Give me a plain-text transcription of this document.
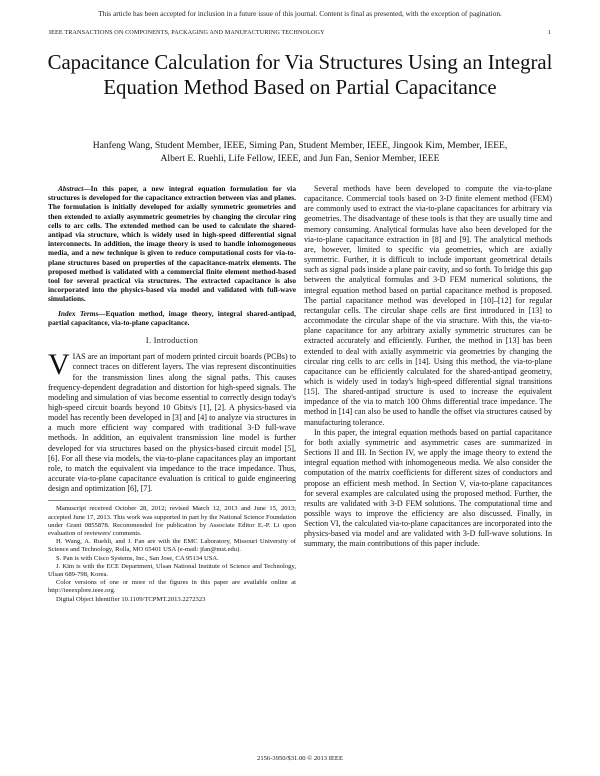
This article has been accepted for inclusion in a future issue of this journal. Content is final as presented, with the exception of pagination.
IEEE TRANSACTIONS ON COMPONENTS, PACKAGING AND MANUFACTURING TECHNOLOGY	1
Capacitance Calculation for Via Structures Using an Integral Equation Method Based on Partial Capacitance
Hanfeng Wang, Student Member, IEEE, Siming Pan, Student Member, IEEE, Jingook Kim, Member, IEEE,
Albert E. Ruehli, Life Fellow, IEEE, and Jun Fan, Senior Member, IEEE
Abstract—In this paper, a new integral equation formulation for via structures is developed for the capacitance extraction between vias and planes. The formulation is initially developed for axially symmetric geometries and then extended to axially asymmetric geometries by changing the circular ring cells to arc cells. The extended method can be used to calculate the shared-antipad via structure, which is widely used in high-speed differential signal interconnects. In addition, the image theory is used to handle inhomogeneous media, and a new technique is given to reduce computational costs for via-to-plane structures based on properties of the capacitance-matrix elements. The proposed method is validated with a commercial finite element method-based tool for several practical via structures. The extracted capacitance is also incorporated into the physics-based via model and validated with full-wave simulations.
Index Terms—Equation method, image theory, integral shared-antipad, partial capacitance, via-to-plane capacitance.
I. Introduction

VIAS are an important part of modern printed circuit boards (PCBs) to connect traces on different layers. The vias represent discontinuities for the transmission lines along the signal paths. This causes frequency-dependent degradation and distortion for high-speed signals. The modeling and simulation of vias become essential to correctly design today's high-speed circuit boards beyond 10 Gbits/s [1], [2]. A physics-based via model has recently been developed in [3] and [4] to analyze via structures in a much more efficient way compared with traditional 3-D full-wave methods. In addition, an equivalent transmission line model is further developed for via structures based on the physics-based circuit model [5], [6]. For all these via models, the via-to-plane capacitances play an important role, to match the equivalent via impedance to the trace impedance. Thus, accurate via-to-plane capacitance evaluation is critical to guide engineering design and optimization [6], [7].

Manuscript received October 28, 2012; revised March 12, 2013 and June 15, 2013; accepted June 17, 2013. This work was supported in part by the National Science Foundation under Grant 0855878. Recommended for publication by Associate Editor E.-P. Li upon evaluation of reviewers' comments.
H. Wang, A. Ruehli, and J. Fan are with the EMC Laboratory, Missouri University of Science and Technology, Rolla, MO 65401 USA (e-mail: jfan@mst.edu).
S. Pan is with Cisco Systems, Inc., San Jose, CA 95134 USA.
J. Kim is with the ECE Department, Ulsan National Institute of Science and Technology, Ulsan 689-798, Korea.
Color versions of one or more of the figures in this paper are available online at http://ieeexplore.ieee.org.
Digital Object Identifier 10.1109/TCPMT.2013.2272323

Several methods have been developed to compute the via-to-plane capacitance. Commercial tools based on 3-D finite element method (FEM) are commonly used to extract the via-to-plane capacitances for arbitrary via geometries. The disadvantage of these tools is that they are usually time and memory consuming. Analytical formulas have also been developed for the via-to-plane capacitance extraction in [8] and [9]. The analytical methods are, however, limited to specific via geometries, which are axially symmetric. Further, it is difficult to include important geometrical details such as signal pads inside a plane pair cavity, and so forth. To bridge this gap between the analytical formulas and 3-D FEM numerical solutions, the integral equation method based on partial capacitance method is proposed. The partial capacitance method was developed in [10]–[12] for regular rectangular cells. The circular shape cells are first introduced in [13] to accommodate the circular shape of the via structure. With this, the via-to-plane capacitance for any arbitrary axially symmetric structures can be extracted accurately and efficiently. Further, the method in [13] has been extended to deal with axially asymmetric via geometries by changing the circular ring cells to arc cells in [14]. Using this method, the via-to-plane capacitance can be efficiently calculated for the shared-antipad geometry, which is widely used in today's high-speed differential signal transitions [15]. The shared-antipad structure is used to increase the equivalent impedance of the via to match 100 Ohms differential trace impedance. The method in [14] can also be used to handle the offset via structures caused by manufacturing tolerance.

In this paper, the integral equation methods based on partial capacitance for both axially symmetric and asymmetric cases are summarized in Sections II and III. In Section IV, we apply the image theory to extend the integral equation method with inhomogeneous media. We also consider the computation of the matrix coefficients for different sizes of conductors and propose an efficient mesh method. In Section V, via-to-plane capacitances for several examples are calculated using the proposed method. Further, the results are validated with 3-D FEM solutions. The computational time and possible ways to improve the efficiency are also discussed. Finally, in Section VI, the calculated via-to-plane capacitances are incorporated into the physics-based via model and are validated with 3-D full-wave solutions. In summary, the main contributions of this paper include.

2156-3950/$31.00 © 2013 IEEE
